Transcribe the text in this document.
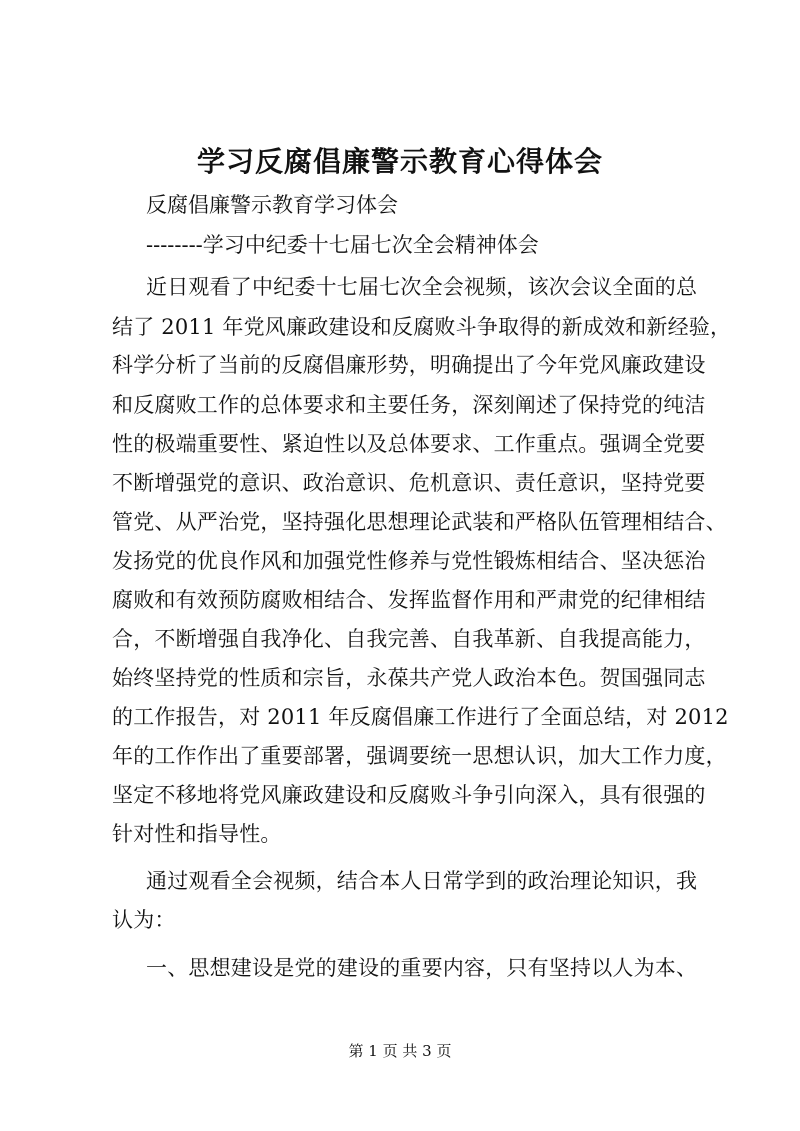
学习反腐倡廉警示教育心得体会
反腐倡廉警示教育学习体会
--------学习中纪委十七届七次全会精神体会
近日观看了中纪委十七届七次全会视频，该次会议全面的总
结了 2011 年党风廉政建设和反腐败斗争取得的新成效和新经验，
科学分析了当前的反腐倡廉形势，明确提出了今年党风廉政建设
和反腐败工作的总体要求和主要任务，深刻阐述了保持党的纯洁
性的极端重要性、紧迫性以及总体要求、工作重点。强调全党要
不断增强党的意识、政治意识、危机意识、责任意识，坚持党要
管党、从严治党，坚持强化思想理论武装和严格队伍管理相结合、
发扬党的优良作风和加强党性修养与党性锻炼相结合、坚决惩治
腐败和有效预防腐败相结合、发挥监督作用和严肃党的纪律相结
合，不断增强自我净化、自我完善、自我革新、自我提高能力，
始终坚持党的性质和宗旨，永葆共产党人政治本色。贺国强同志
的工作报告，对 2011 年反腐倡廉工作进行了全面总结，对 2012
年的工作作出了重要部署，强调要统一思想认识，加大工作力度，
坚定不移地将党风廉政建设和反腐败斗争引向深入，具有很强的
针对性和指导性。
通过观看全会视频，结合本人日常学到的政治理论知识，我
认为：
一、思想建设是党的建设的重要内容，只有坚持以人为本、
第 1 页 共 3 页
